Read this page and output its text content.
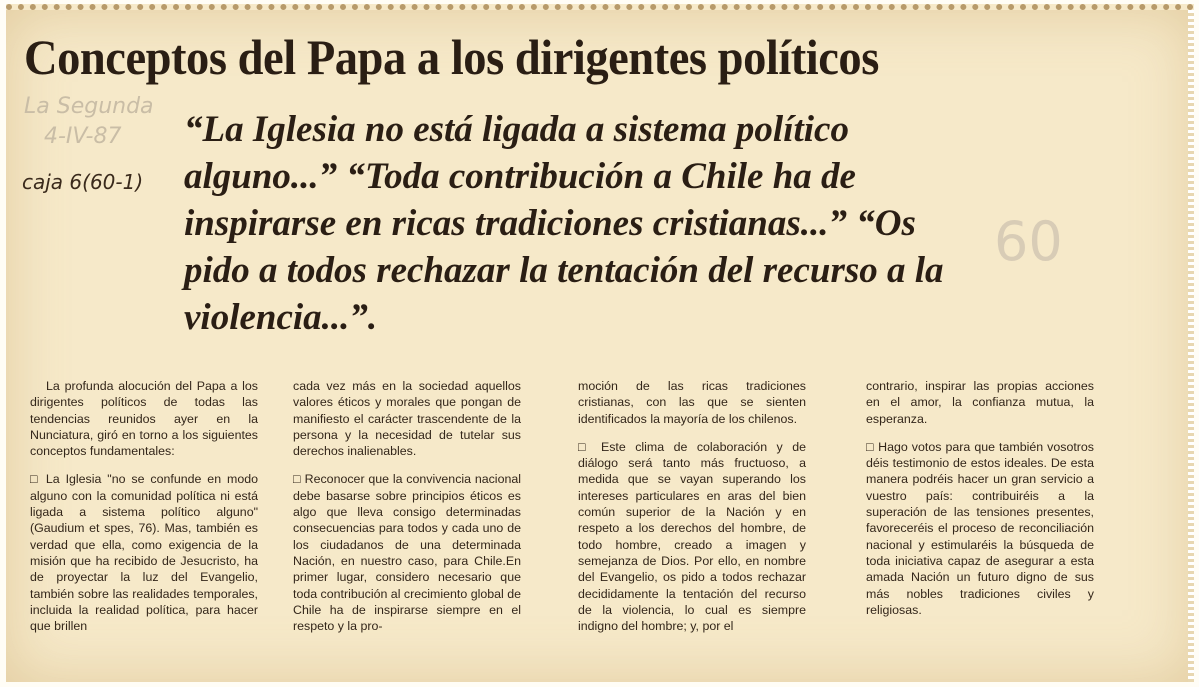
Conceptos del Papa a los dirigentes políticos
La Segunda
4-IV-87
caja 6(60-1)
60

“La Iglesia no está ligada a sistema político alguno...” “Toda contribución a Chile ha de inspirarse en ricas tradiciones cristianas...” “Os pido a todos rechazar la tentación del recurso a la violencia...”.

La profunda alocución del Papa a los dirigentes políticos de todas las tendencias reunidos ayer en la Nunciatura, giró en torno a los siguientes conceptos fundamentales:

□ La Iglesia "no se confunde en modo alguno con la comunidad política ni está ligada a sistema político alguno" (Gaudium et spes, 76). Mas, también es verdad que ella, como exigencia de la misión que ha recibido de Jesucristo, ha de proyectar la luz del Evangelio, también sobre las realidades temporales, incluida la realidad política, para hacer que brillen

cada vez más en la sociedad aquellos valores éticos y morales que pongan de manifiesto el carácter trascendente de la persona y la necesidad de tutelar sus derechos inalienables.

□ Reconocer que la convivencia nacional debe basarse sobre principios éticos es algo que lleva consigo determinadas consecuencias para todos y cada uno de los ciudadanos de una determinada Nación, en nuestro caso, para Chile.En primer lugar, considero necesario que toda contribución al crecimiento global de Chile ha de inspirarse siempre en el respeto y la pro-

moción de las ricas tradiciones cristianas, con las que se sienten identificados la mayoría de los chilenos.

□ Este clima de colaboración y de diálogo será tanto más fructuoso, a medida que se vayan superando los intereses particulares en aras del bien común superior de la Nación y en respeto a los derechos del hombre, de todo hombre, creado a imagen y semejanza de Dios. Por ello, en nombre del Evangelio, os pido a todos rechazar decididamente la tentación del recurso de la violencia, lo cual es siempre indigno del hombre; y, por el

contrario, inspirar las propias acciones en el amor, la confianza mutua, la esperanza.

□ Hago votos para que también vosotros déis testimonio de estos ideales. De esta manera podréis hacer un gran servicio a vuestro país: contribuiréis a la superación de las tensiones presentes, favoreceréis el proceso de reconciliación nacional y estimularéis la búsqueda de toda iniciativa capaz de asegurar a esta amada Nación un futuro digno de sus más nobles tradiciones civiles y religiosas.
